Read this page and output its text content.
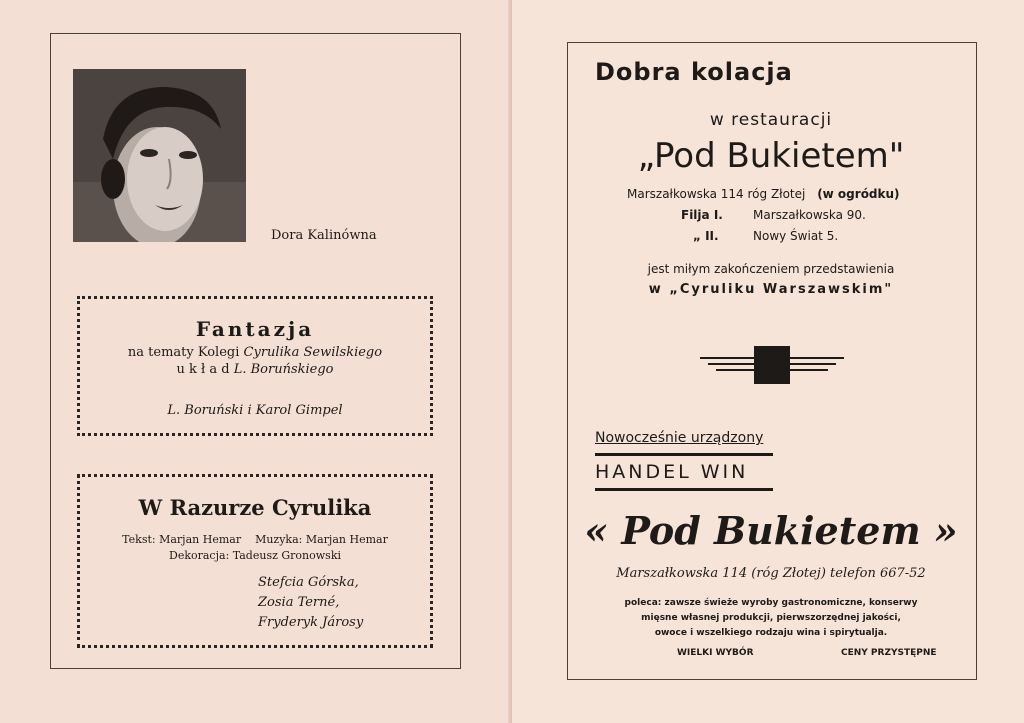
Dora Kalinówna
Fantazja
na tematy Kolegi Cyrulika Sewilskiego
u k ł a d L. Boruńskiego
L. Boruński i Karol Gimpel
W Razurze Cyrulika
Tekst: Marjan Hemar    Muzyka: Marjan Hemar
Dekoracja: Tadeusz Gronowski
Stefcia Górska,
Zosia Terné,
Fryderyk Járosy
Dobra kolacja
w restauracji
„Pod Bukietem"
Marszałkowska 114 róg Złotej (w ogródku)
Filja I.	Marszałkowska 90.
„ II.	Nowy Świat 5.
jest miłym zakończeniem przedstawienia
w „Cyruliku Warszawskim"
Nowocześnie urządzony
HANDEL WIN
« Pod Bukietem »
Marszałkowska 114 (róg Złotej) telefon 667-52
poleca: zawsze świeże wyroby gastronomiczne, konserwy
mięsne własnej produkcji, pierwszorzędnej jakości,
owoce i wszelkiego rodzaju wina i spirytualja.
WIELKI WYBÓR	CENY PRZYSTĘPNE
